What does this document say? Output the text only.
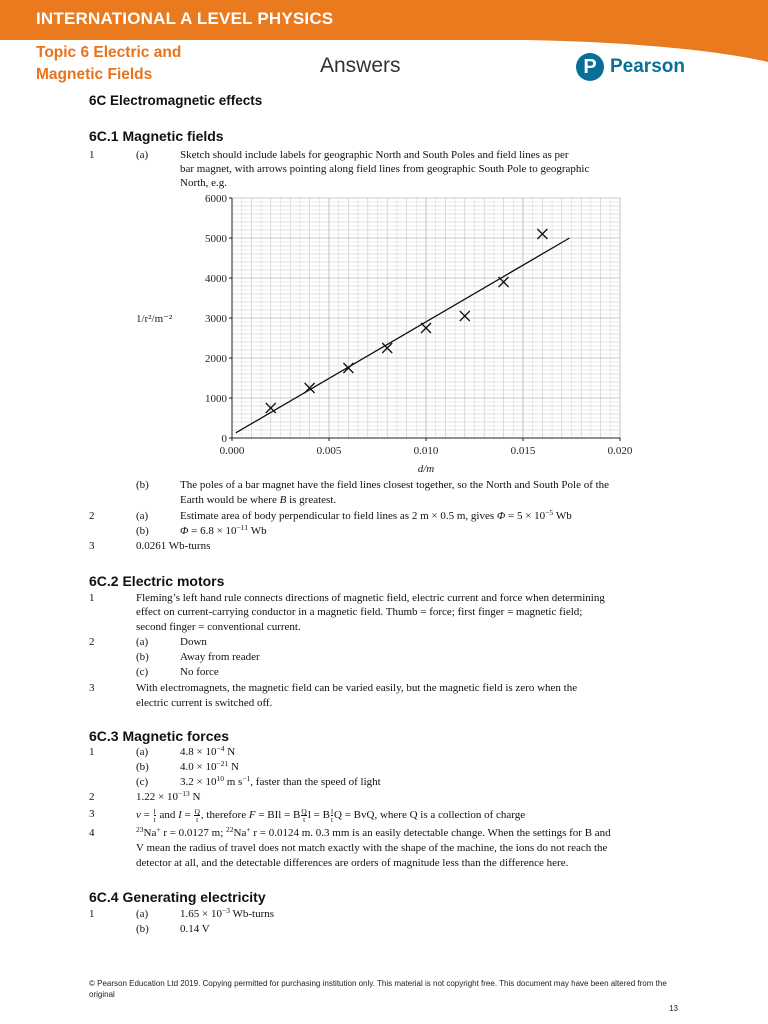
INTERNATIONAL A LEVEL PHYSICS
Topic 6 Electric and
Magnetic Fields	Answers	P Pearson
6C Electromagnetic effects
6C.1 Magnetic fields
1	(a)	Sketch should include labels for geographic North and South Poles and field lines as per
bar magnet, with arrows pointing along field lines from geographic South Pole to geographic
North, e.g.
0.000	0.005	0.010	0.015	0.020
0
1000
2000
3000
4000
5000
6000
d/m
1/r²/m⁻²
(b)	The poles of a bar magnet have the field lines closest together, so the North and South Pole of the
Earth would be where B is greatest.
2	(a)	Estimate area of body perpendicular to field lines as 2 m × 0.5 m, gives $\Phi = 5 \times 10^{-5}$ Wb
(b)	$\Phi = 6.8 \times 10^{-11}$ Wb
3	0.0261 Wb-turns
6C.2 Electric motors
1	Fleming’s left hand rule connects directions of magnetic field, electric current and force when determining
effect on current-carrying conductor in a magnetic field. Thumb = force; first finger = magnetic field;
second finger = conventional current.
2	(a)	Down
(b)	Away from reader
(c)	No force
3	With electromagnets, the magnetic field can be varied easily, but the magnetic field is zero when the
electric current is switched off.
6C.3 Magnetic forces
1	(a)	$4.8 \times 10^{-4}$ N
(b)	$4.0 \times 10^{-21}$ N
(c)	$3.2 \times 10^{10}$ m $s^{-1}$, faster than the speed of light
2	$1.22 \times 10^{-13}$ N
3	$v = \frac{l}{t}$ and $I = \frac{Q}{t}$ , therefore F = BIl = B $\frac{Q}{t}$ l = B $\frac{l}{t}$ Q = BvQ, where Q is a collection of charge
4	$^{23}$Na+ r = 0.0127 m; $^{22}$Na+ r = 0.0124 m. 0.3 mm is an easily detectable change. When the settings for B and
V mean the radius of travel does not match exactly with the shape of the machine, the ions do not reach the
detector at all, and the detectable differences are orders of magnitude less than the difference here.
6C.4 Generating electricity
1	(a)	$1.65 \times 10^{-3}$ Wb-turns
(b)	0.14 V
© Pearson Education Ltd 2019. Copying permitted for purchasing institution only. This material is not copyright free. This document may have been altered from the original
13
